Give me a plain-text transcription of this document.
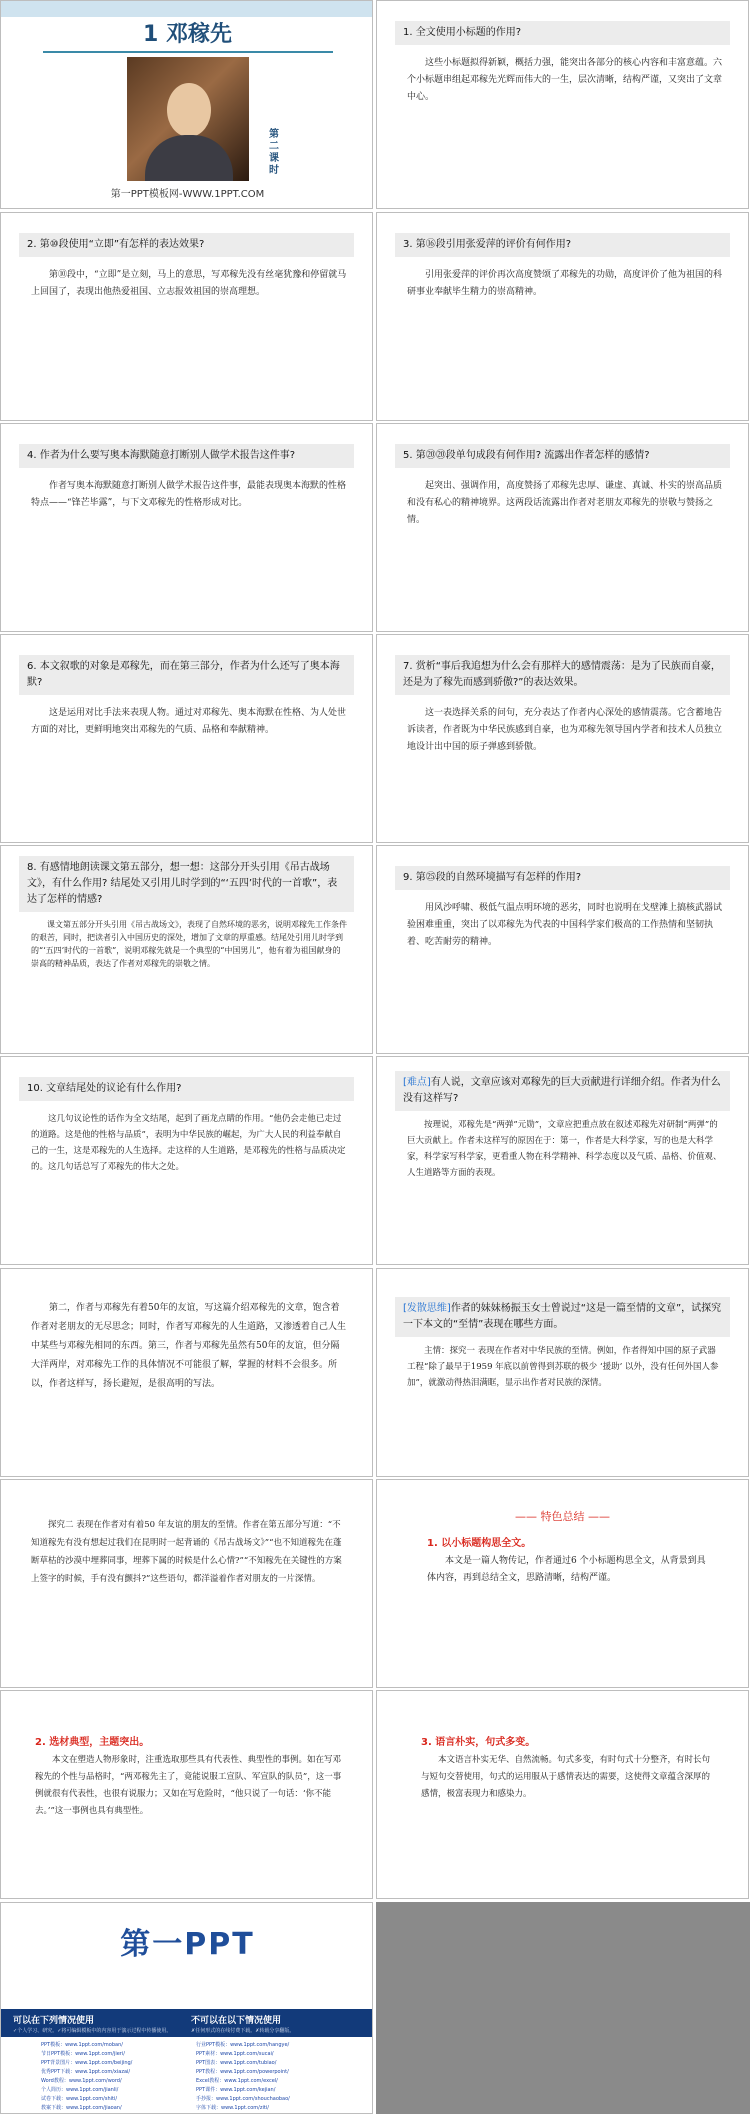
1 邓稼先
第二课时
第一PPT模板网-WWW.1PPT.COM
1. 全文使用小标题的作用?
这些小标题拟得新颖，概括力强，能突出各部分的核心内容和丰富意蕴。六个小标题串组起邓稼先光辉而伟大的一生，层次清晰，结构严谨，又突出了文章中心。
2. 第⑩段使用“立即”有怎样的表达效果?
第⑩段中，“立即”是立刻，马上的意思，写邓稼先没有丝毫犹豫和停留就马上回国了，表现出他热爱祖国、立志报效祖国的崇高理想。
3. 第⑯段引用张爱萍的评价有何作用?
引用张爱萍的评价再次高度赞颂了邓稼先的功勋，高度评价了他为祖国的科研事业奉献毕生精力的崇高精神。
4. 作者为什么要写奥本海默随意打断别人做学术报告这件事?
作者写奥本海默随意打断别人做学术报告这件事，最能表现奥本海默的性格特点——“锋芒毕露”，与下文邓稼先的性格形成对比。
5. 第⑳⑳段单句成段有何作用? 流露出作者怎样的感情?
起突出、强调作用，高度赞扬了邓稼先忠厚、谦虚、真诚、朴实的崇高品质和没有私心的精神境界。这两段话流露出作者对老朋友邓稼先的崇敬与赞扬之情。
6. 本文叙歌的对象是邓稼先，而在第三部分，作者为什么还写了奥本海默?
这是运用对比手法来表现人物。通过对邓稼先、奥本海默在性格、为人处世方面的对比，更鲜明地突出邓稼先的气质、品格和奉献精神。
7. 赏析“事后我追想为什么会有那样大的感情震荡：是为了民族而自豪，还是为了稼先而感到骄傲?”的表达效果。
这一表选择关系的问句，充分表达了作者内心深处的感情震荡。它含蓄地告诉读者，作者既为中华民族感到自豪，也为邓稼先领导国内学者和技术人员独立地设计出中国的原子弹感到骄傲。
8. 有感情地朗读课文第五部分，想一想：这部分开头引用《吊古战场文》，有什么作用? 结尾处又引用儿时学到的“‘五四’时代的一首歌”，表达了怎样的情感?
课文第五部分开头引用《吊古战场文》，表现了自然环境的恶劣，说明邓稼先工作条件的艰苦，同时，把读者引入中国历史的深处，增加了文章的厚重感。结尾处引用儿时学到的“‘五四’时代的一首歌”，说明邓稼先就是一个典型的“中国男儿”，他有着为祖国献身的崇高的精神品质，表达了作者对邓稼先的崇敬之情。
9. 第㉕段的自然环境描写有怎样的作用?
用风沙呼啸、极低气温点明环境的恶劣，同时也说明在戈壁滩上搞核武器试验困难重重，突出了以邓稼先为代表的中国科学家们极高的工作热情和坚韧执着、吃苦耐劳的精神。
10. 文章结尾处的议论有什么作用?
这几句议论性的话作为全文结尾，起到了画龙点睛的作用。“他仍会走他已走过的道路。这是他的性格与品质”，表明为中华民族的崛起，为广大人民的利益奉献自己的一生，这是邓稼先的人生选择。走这样的人生道路，是邓稼先的性格与品质决定的。这几句话总写了邓稼先的伟大之处。
[难点]有人说，文章应该对邓稼先的巨大贡献进行详细介绍。作者为什么没有这样写?
按理说，邓稼先是“两弹”元勋”，文章应把重点放在叙述邓稼先对研制“两弹”的巨大贡献上。作者未这样写的原因在于：第一，作者是大科学家，写的也是大科学家，科学家写科学家，更看重人物在科学精神、科学态度以及气质、品格、价值观、人生道路等方面的表现。
第二，作者与邓稼先有着50年的友谊，写这篇介绍邓稼先的文章，饱含着作者对老朋友的无尽思念；同时，作者写邓稼先的人生道路，又渗透着自己人生中某些与邓稼先相同的东西。第三，作者与邓稼先虽然有50年的友谊，但分隔大洋两岸，对邓稼先工作的具体情况不可能很了解，掌握的材料不会很多。所以，作者这样写，扬长避短，是很高明的写法。
[发散思维]作者的妹妹杨振玉女士曾说过“这是一篇至情的文章”，试探究一下本文的“至情”表现在哪些方面。
主情：探究一 表现在作者对中华民族的至情。例如，作者得知中国的原子武器工程“除了最早于1959 年底以前曾得到苏联的极少 ‘援助’ 以外，没有任何外国人参加”，就激动得热泪满眶，显示出作者对民族的深情。
探究二 表现在作者对有着50 年友谊的朋友的至情。作者在第五部分写道：“不知道稼先有没有想起过我们在昆明时一起背诵的《吊古战场文》”“也不知道稼先在蓬断草枯的沙漠中埋葬同事，埋葬下属的时候是什么心情?”“不知稼先在关键性的方案上签字的时候，手有没有颤抖?”这些语句，都洋溢着作者对朋友的一片深情。
—— 特色总结 ——
1. 以小标题构思全文。
本文是一篇人物传记，作者通过6 个小标题构思全文，从背景到具体内容，再到总结全文，思路清晰，结构严谨。
2. 选材典型，主题突出。
本文在塑造人物形象时，注重选取那些具有代表性、典型性的事例。如在写邓稼先的个性与品格时，“两邓稼先主了，竟能说服工宣队、军宣队的队员”，这一事例就很有代表性，也很有说服力；又如在写危险时，“他只说了一句话：‘你不能去。’”这一事例也具有典型性。
3. 语言朴实，句式多变。
本文语言朴实无华、自然流畅。句式多变，有时句式十分整齐，有时长句与短句交替使用，句式的运用服从于感情表达的需要，这使得文章蕴含深厚的感情，极富表现力和感染力。
第一PPT
可以在下列情况使用

✓个人学习、研究。✓将可编辑模板中的内容用于演示过程中传播使用。

不可以在以下情况使用

✗任何形式的在线付费下载。✗转载分享翻版。

PPT模板：www.1ppt.com/moban/
节日PPT模板：www.1ppt.com/jieri/
PPT背景图片：www.1ppt.com/beijing/
优秀PPT下载：www.1ppt.com/xiazai/
Word教程：www.1ppt.com/word/
个人简历：www.1ppt.com/jianli/
试卷下载：www.1ppt.com/shiti/
教案下载：www.1ppt.com/jiaoan/
行业PPT模板：www.1ppt.com/hangye/
PPT素材：www.1ppt.com/sucai/
PPT图表：www.1ppt.com/tubiao/
PPT教程：www.1ppt.com/powerpoint/
Excel教程：www.1ppt.com/excel/
PPT课件：www.1ppt.com/kejian/
手抄报：www.1ppt.com/shouchaobao/
字体下载：www.1ppt.com/ziti/
